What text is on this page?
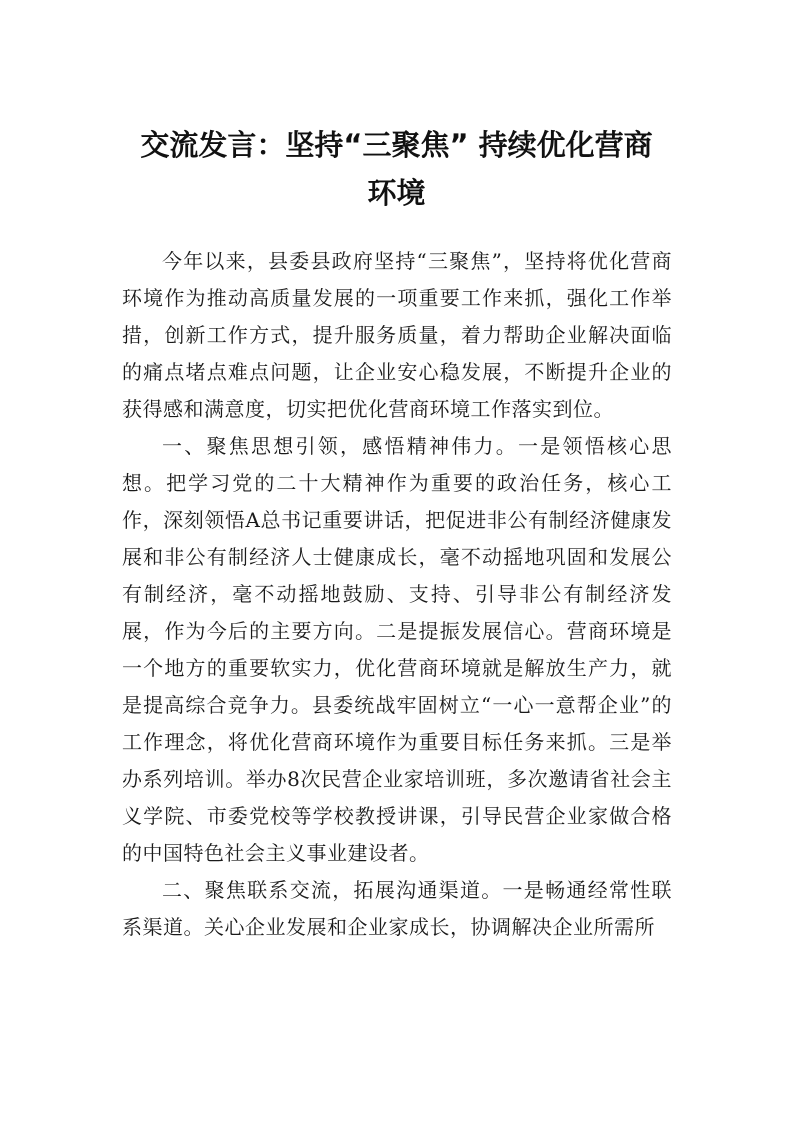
交流发言：坚持“三聚焦” 持续优化营商
环境

今年以来，县委县政府坚持“三聚焦”，坚持将优化营商环境作为推动高质量发展的一项重要工作来抓，强化工作举措，创新工作方式，提升服务质量，着力帮助企业解决面临的痛点堵点难点问题，让企业安心稳发展，不断提升企业的获得感和满意度，切实把优化营商环境工作落实到位。

一、聚焦思想引领，感悟精神伟力。一是领悟核心思想。把学习党的二十大精神作为重要的政治任务，核心工作，深刻领悟A总书记重要讲话，把促进非公有制经济健康发展和非公有制经济人士健康成长，毫不动摇地巩固和发展公有制经济，毫不动摇地鼓励、支持、引导非公有制经济发展，作为今后的主要方向。二是提振发展信心。营商环境是一个地方的重要软实力，优化营商环境就是解放生产力，就是提高综合竞争力。县委统战牢固树立“一心一意帮企业”的工作理念，将优化营商环境作为重要目标任务来抓。三是举办系列培训。举办8次民营企业家培训班，多次邀请省社会主义学院、市委党校等学校教授讲课，引导民营企业家做合格的中国特色社会主义事业建设者。

二、聚焦联系交流，拓展沟通渠道。一是畅通经常性联系渠道。关心企业发展和企业家成长，协调解决企业所需所
